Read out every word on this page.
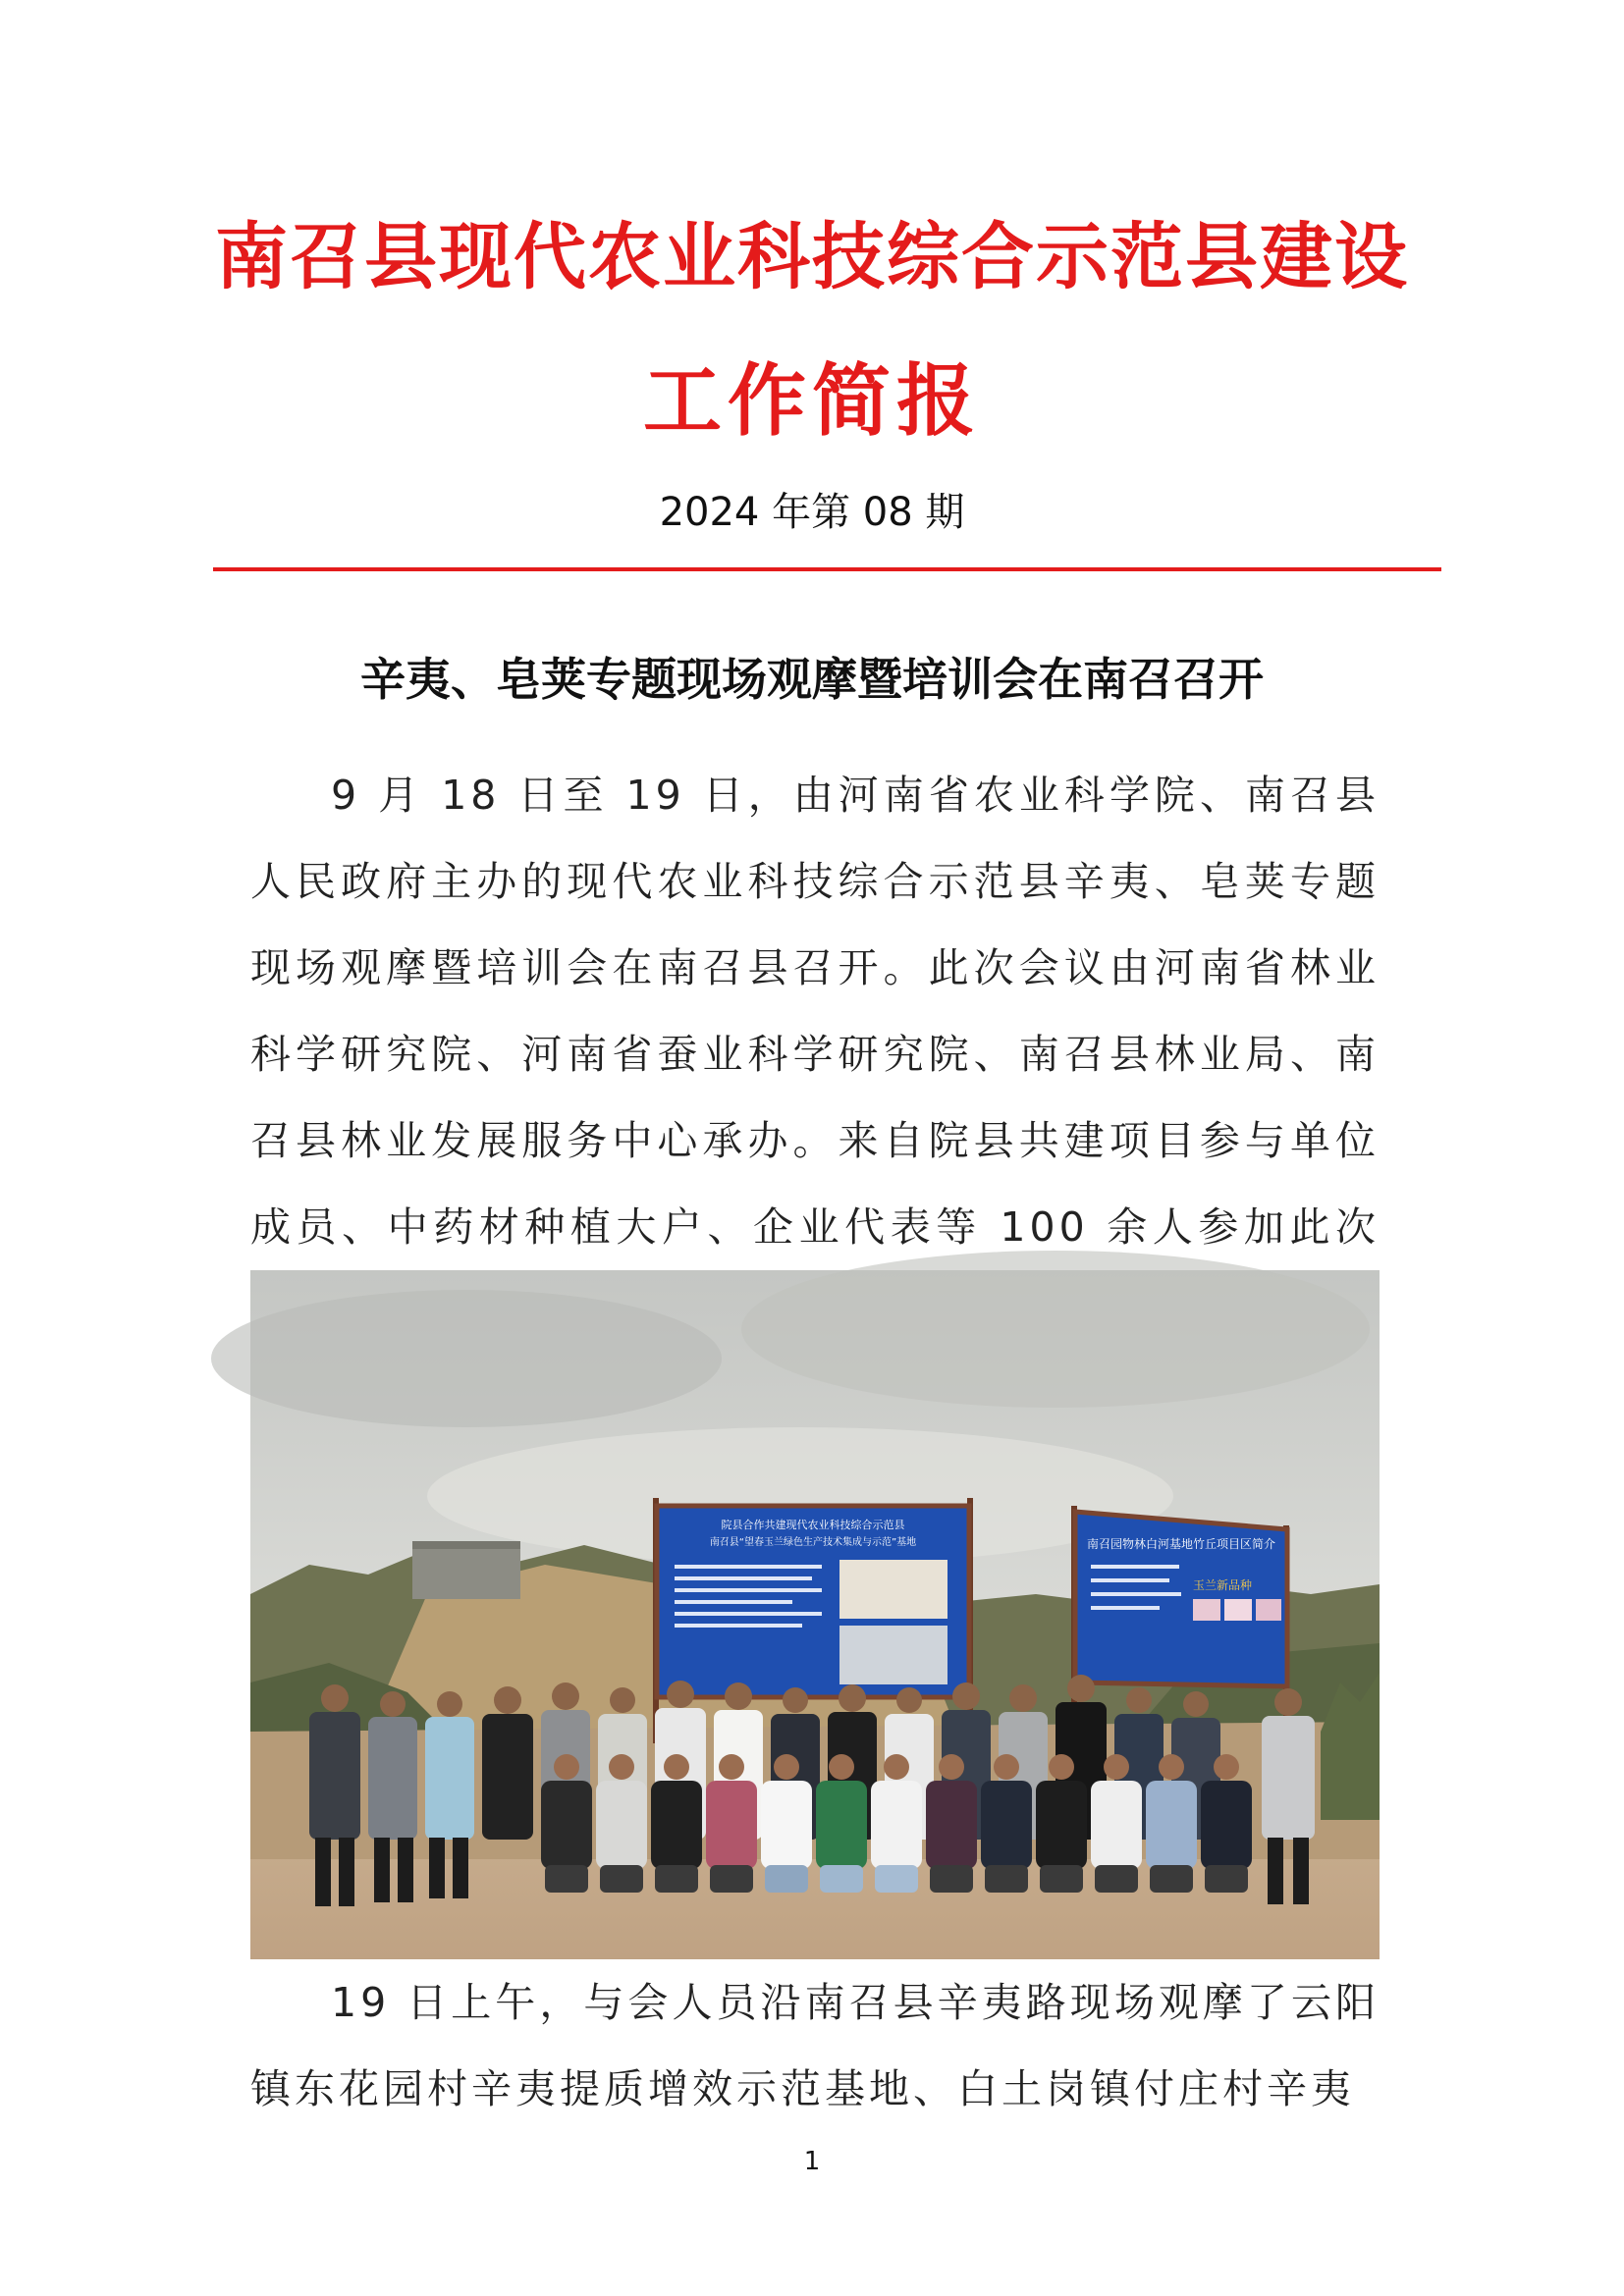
南召县现代农业科技综合示范县建设
工作简报
2024 年第 08 期
辛夷、皂荚专题现场观摩暨培训会在南召召开

9 月 18 日至 19 日，由河南省农业科学院、南召县人民政府主办的现代农业科技综合示范县辛夷、皂荚专题现场观摩暨培训会在南召县召开。此次会议由河南省林业科学研究院、河南省蚕业科学研究院、南召县林业局、南召县林业发展服务中心承办。来自院县共建项目参与单位成员、中药材种植大户、企业代表等 100 余人参加此次

院县合作共建现代农业科技综合示范县
南召县“望春玉兰绿色生产技术集成与示范”基地	南召园物林白河基地竹丘项目区简介
玉兰新品种

19 日上午，与会人员沿南召县辛夷路现场观摩了云阳镇东花园村辛夷提质增效示范基地、白土岗镇付庄村辛夷

1
